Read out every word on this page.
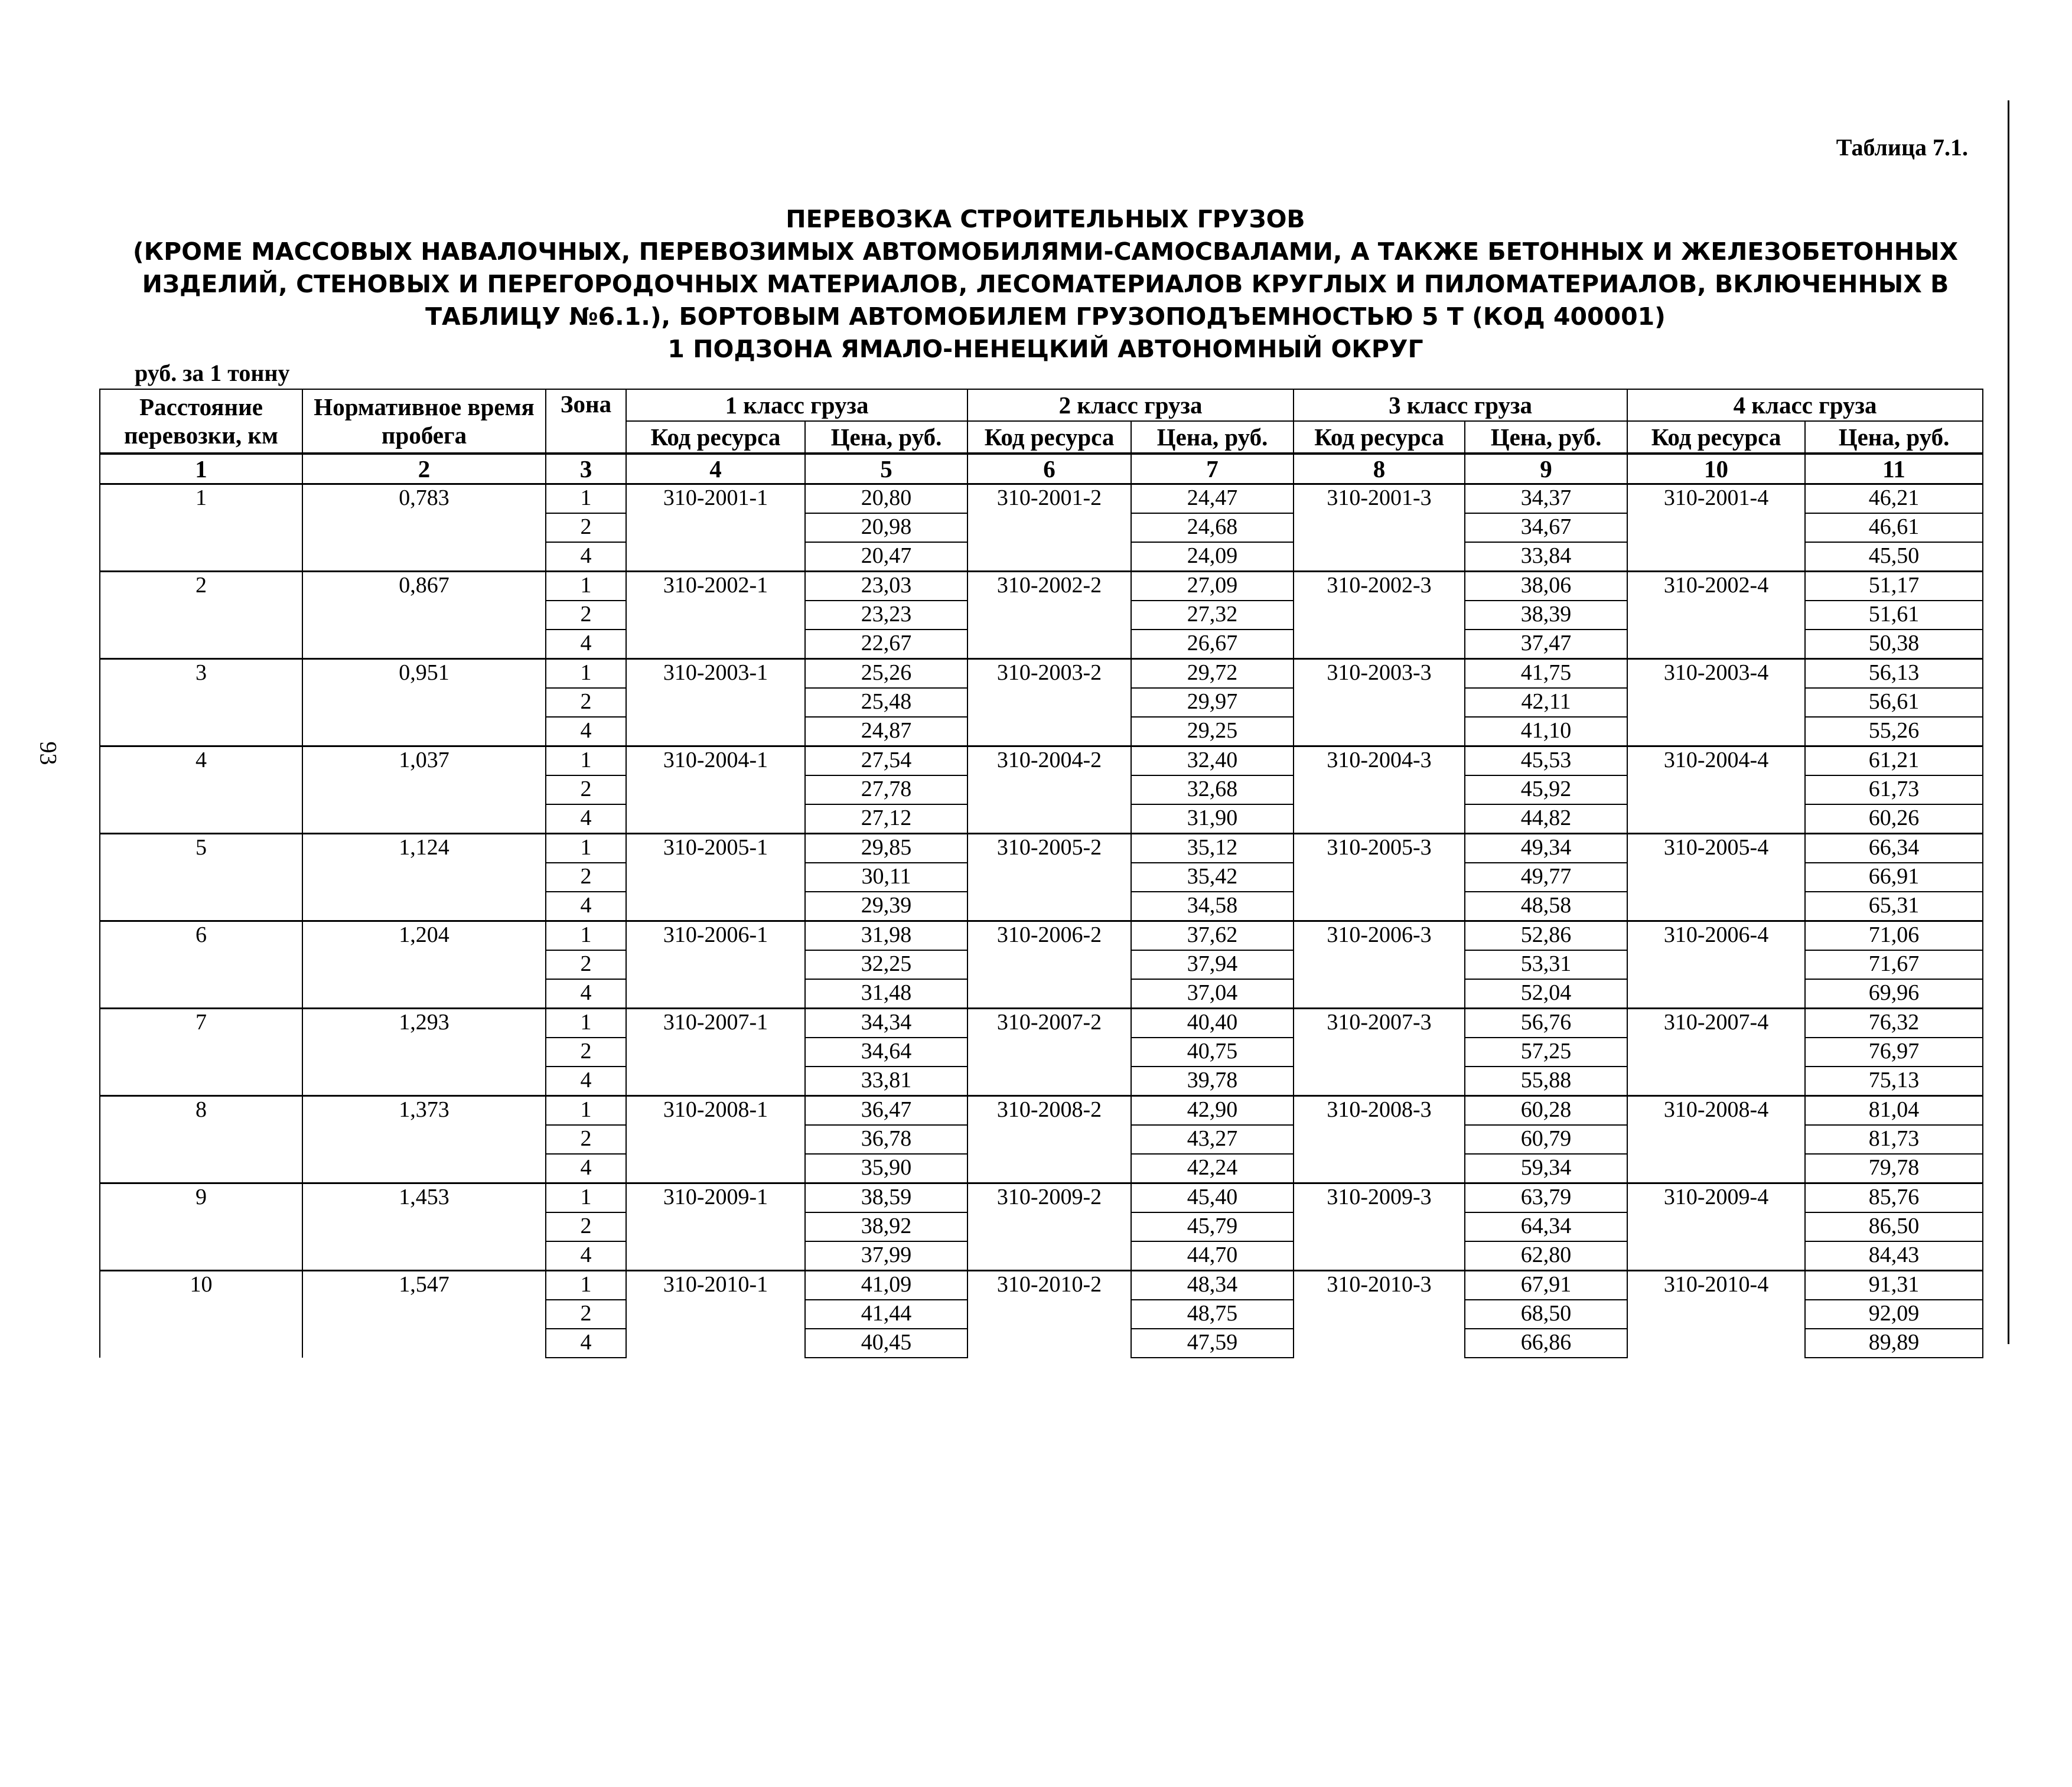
Таблица 7.1.
ПЕРЕВОЗКА СТРОИТЕЛЬНЫХ ГРУЗОВ
(КРОМЕ МАССОВЫХ НАВАЛОЧНЫХ, ПЕРЕВОЗИМЫХ АВТОМОБИЛЯМИ-САМОСВАЛАМИ, А ТАКЖЕ БЕТОННЫХ И ЖЕЛЕЗОБЕТОННЫХ
ИЗДЕЛИЙ, СТЕНОВЫХ И ПЕРЕГОРОДОЧНЫХ МАТЕРИАЛОВ, ЛЕСОМАТЕРИАЛОВ КРУГЛЫХ И ПИЛОМАТЕРИАЛОВ, ВКЛЮЧЕННЫХ В
ТАБЛИЦУ №6.1.), БОРТОВЫМ АВТОМОБИЛЕМ ГРУЗОПОДЪЕМНОСТЬЮ 5 Т (КОД 400001)
1 ПОДЗОНА ЯМАЛО-НЕНЕЦКИЙ АВТОНОМНЫЙ ОКРУГ
руб. за 1 тонну
Расстояние перевозки, км	Нормативное время пробега	Зона	1 класс груза		2 класс груза		3 класс груза		4 класс груза	
			Код ресурса	Цена, руб.	Код ресурса	Цена, руб.	Код ресурса	Цена, руб.	Код ресурса	Цена, руб.
1	2	3	4	5	6	7	8	9	10	11
1	0,783	1	310-2001-1	20,80	310-2001-2	24,47	310-2001-3	34,37	310-2001-4	46,21
		2		20,98		24,68		34,67		46,61
		4		20,47		24,09		33,84		45,50
2	0,867	1	310-2002-1	23,03	310-2002-2	27,09	310-2002-3	38,06	310-2002-4	51,17
		2		23,23		27,32		38,39		51,61
		4		22,67		26,67		37,47		50,38
3	0,951	1	310-2003-1	25,26	310-2003-2	29,72	310-2003-3	41,75	310-2003-4	56,13
		2		25,48		29,97		42,11		56,61
		4		24,87		29,25		41,10		55,26
4	1,037	1	310-2004-1	27,54	310-2004-2	32,40	310-2004-3	45,53	310-2004-4	61,21
		2		27,78		32,68		45,92		61,73
		4		27,12		31,90		44,82		60,26
5	1,124	1	310-2005-1	29,85	310-2005-2	35,12	310-2005-3	49,34	310-2005-4	66,34
		2		30,11		35,42		49,77		66,91
		4		29,39		34,58		48,58		65,31
6	1,204	1	310-2006-1	31,98	310-2006-2	37,62	310-2006-3	52,86	310-2006-4	71,06
		2		32,25		37,94		53,31		71,67
		4		31,48		37,04		52,04		69,96
7	1,293	1	310-2007-1	34,34	310-2007-2	40,40	310-2007-3	56,76	310-2007-4	76,32
		2		34,64		40,75		57,25		76,97
		4		33,81		39,78		55,88		75,13
8	1,373	1	310-2008-1	36,47	310-2008-2	42,90	310-2008-3	60,28	310-2008-4	81,04
		2		36,78		43,27		60,79		81,73
		4		35,90		42,24		59,34		79,78
9	1,453	1	310-2009-1	38,59	310-2009-2	45,40	310-2009-3	63,79	310-2009-4	85,76
		2		38,92		45,79		64,34		86,50
		4		37,99		44,70		62,80		84,43
10	1,547	1	310-2010-1	41,09	310-2010-2	48,34	310-2010-3	67,91	310-2010-4	91,31
		2		41,44		48,75		68,50		92,09
		4		40,45		47,59		66,86		89,89
93
